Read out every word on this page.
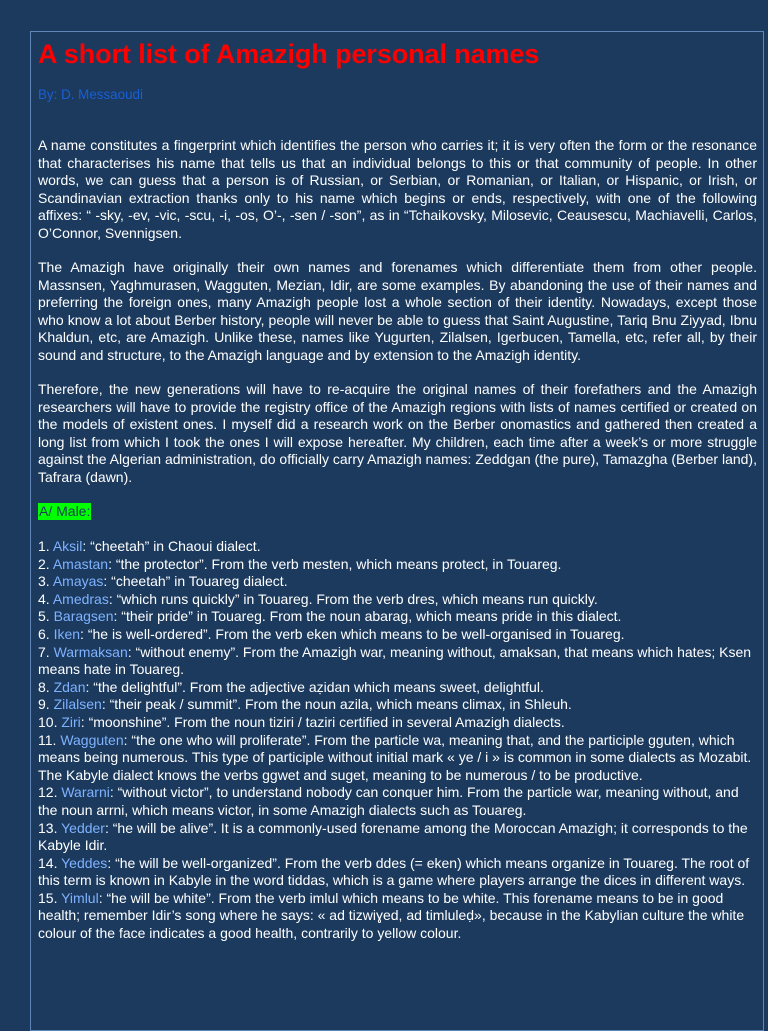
A short list of Amazigh personal names
By: D. Messaoudi

A name constitutes a fingerprint which identifies the person who carries it; it is very often the form or the resonance that characterises his name that tells us that an individual belongs to this or that community of people. In other words, we can guess that a person is of Russian, or Serbian, or Romanian, or Italian, or Hispanic, or Irish, or Scandinavian extraction thanks only to his name which begins or ends, respectively, with one of the following affixes: “ -sky, -ev, -vic, -scu, -i, -os, O’-, -sen / -son”, as in “Tchaikovsky, Milosevic, Ceausescu, Machiavelli, Carlos, O’Connor, Svennigsen.

The Amazigh have originally their own names and forenames which differentiate them from other people. Massnsen, Yaghmurasen, Wagguten, Mezian, Idir, are some examples. By abandoning the use of their names and preferring the foreign ones, many Amazigh people lost a whole section of their identity. Nowadays, except those who know a lot about Berber history, people will never be able to guess that Saint Augustine, Tariq Bnu Ziyyad, Ibnu Khaldun, etc, are Amazigh. Unlike these, names like Yugurten, Zilalsen, Igerbucen, Tamella, etc, refer all, by their sound and structure, to the Amazigh language and by extension to the Amazigh identity.

Therefore, the new generations will have to re-acquire the original names of their forefathers and the Amazigh researchers will have to provide the registry office of the Amazigh regions with lists of names certified or created on the models of existent ones. I myself did a research work on the Berber onomastics and gathered then created a long list from which I took the ones I will expose hereafter. My children, each time after a week’s or more struggle against the Algerian administration, do officially carry Amazigh names: Zeddgan (the pure), Tamazgha (Berber land), Tafrara (dawn).

A/ Male:

1. Aksil: “cheetah” in Chaoui dialect.

2. Amastan: “the protector”. From the verb mesten, which means protect, in Touareg.

3. Amayas: “cheetah” in Touareg dialect.

4. Amedras: “which runs quickly” in Touareg. From the verb dres, which means run quickly.

5. Baragsen: “their pride” in Touareg. From the noun abarag, which means pride in this dialect.

6. Iken: “he is well-ordered”. From the verb eken which means to be well-organised in Touareg.

7. Warmaksan: “without enemy”. From the Amazigh war, meaning without, amaksan, that means which hates; Ksen means hate in Touareg.

8. Zdan: “the delightful”. From the adjective aẓidan which means sweet, delightful.

9. Zilalsen: “their peak / summit”. From the noun azila, which means climax, in Shleuh.

10. Ziri: “moonshine”. From the noun tiziri / taziri certified in several Amazigh dialects.

11. Wagguten: “the one who will proliferate”. From the particle wa, meaning that, and the participle gguten, which means being numerous. This type of participle without initial mark « ye / i » is common in some dialects as Mozabit. The Kabyle dialect knows the verbs ggwet and suget, meaning to be numerous / to be productive.

12. Wararni: “without victor”, to understand nobody can conquer him. From the particle war, meaning without, and the noun arrni, which means victor, in some Amazigh dialects such as Touareg.

13. Yedder: “he will be alive”. It is a commonly-used forename among the Moroccan Amazigh; it corresponds to the Kabyle Idir.

14. Yeddes: “he will be well-organized”. From the verb ddes (= eken) which means organize in Touareg. The root of this term is known in Kabyle in the word tiddas, which is a game where players arrange the dices in different ways.

15. Yimlul: “he will be white”. From the verb imlul which means to be white. This forename means to be in good health; remember Idir’s song where he says: « ad tizwiɣed, ad timluleḍ», because in the Kabylian culture the white colour of the face indicates a good health, contrarily to yellow colour.
